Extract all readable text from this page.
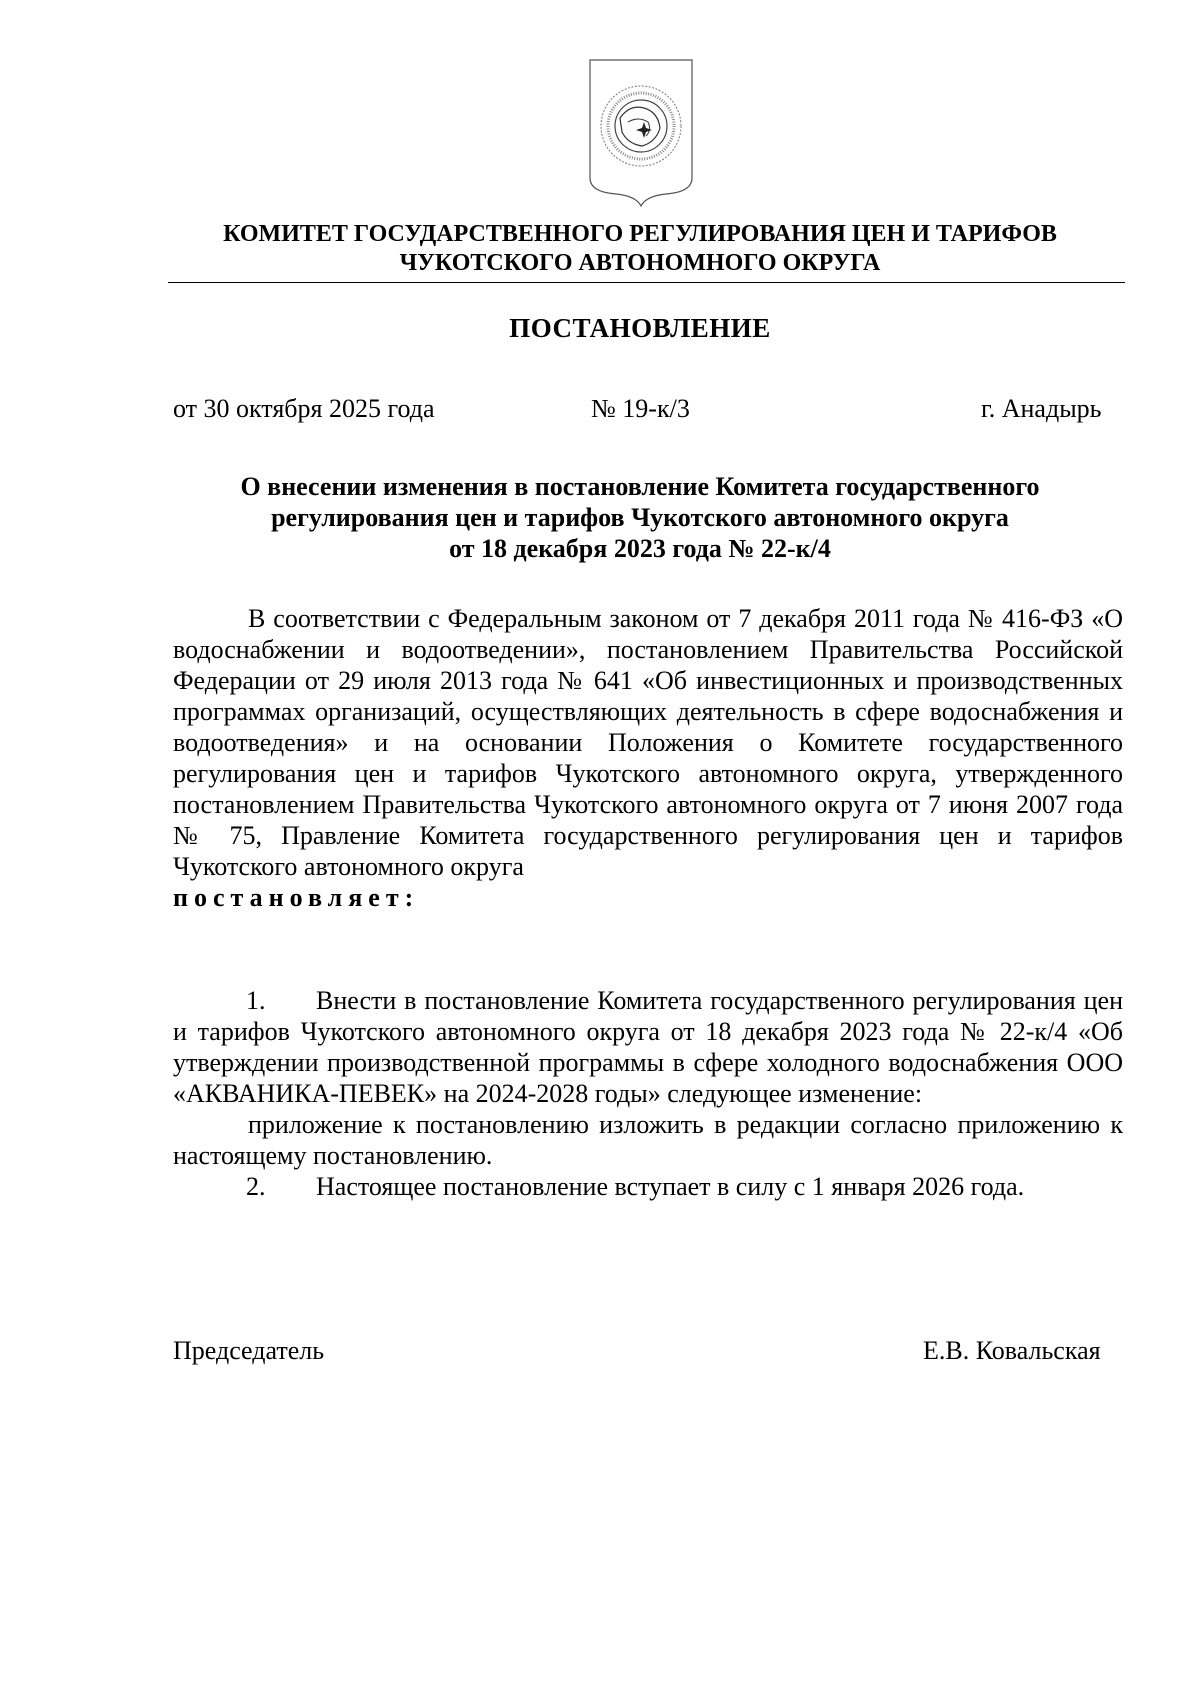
КОМИТЕТ ГОСУДАРСТВЕННОГО РЕГУЛИРОВАНИЯ ЦЕН И ТАРИФОВ
ЧУКОТСКОГО АВТОНОМНОГО ОКРУГА
ПОСТАНОВЛЕНИЕ
от 30 октября 2025 года	№ 19-к/3	г. Анадырь
О внесении изменения в постановление Комитета государственного
регулирования цен и тарифов Чукотского автономного округа
от 18 декабря 2023 года № 22-к/4

В соответствии с Федеральным законом от 7 декабря 2011 года № 416-ФЗ «О водоснабжении и водоотведении», постановлением Правительства Российской Федерации от 29 июля 2013 года № 641 «Об инвестиционных и производственных программах организаций, осуществляющих деятельность в сфере водоснабжения и водоотведения» и на основании Положения о Комитете государственного регулирования цен и тарифов Чукотского автономного округа, утвержденного постановлением Правительства Чукотского автономного округа от 7 июня 2007 года № 75, Правление Комитета государственного регулирования цен и тарифов Чукотского автономного округа

постановляет:

1. Внести в постановление Комитета государственного регулирования цен и тарифов Чукотского автономного округа от 18 декабря 2023 года № 22-к/4 «Об утверждении производственной программы в сфере холодного водоснабжения ООО «АКВАНИКА-ПЕВЕК» на 2024-2028 годы» следующее изменение:

приложение к постановлению изложить в редакции согласно приложению к настоящему постановлению.

2. Настоящее постановление вступает в силу с 1 января 2026 года.

Председатель	Е.В. Ковальская
